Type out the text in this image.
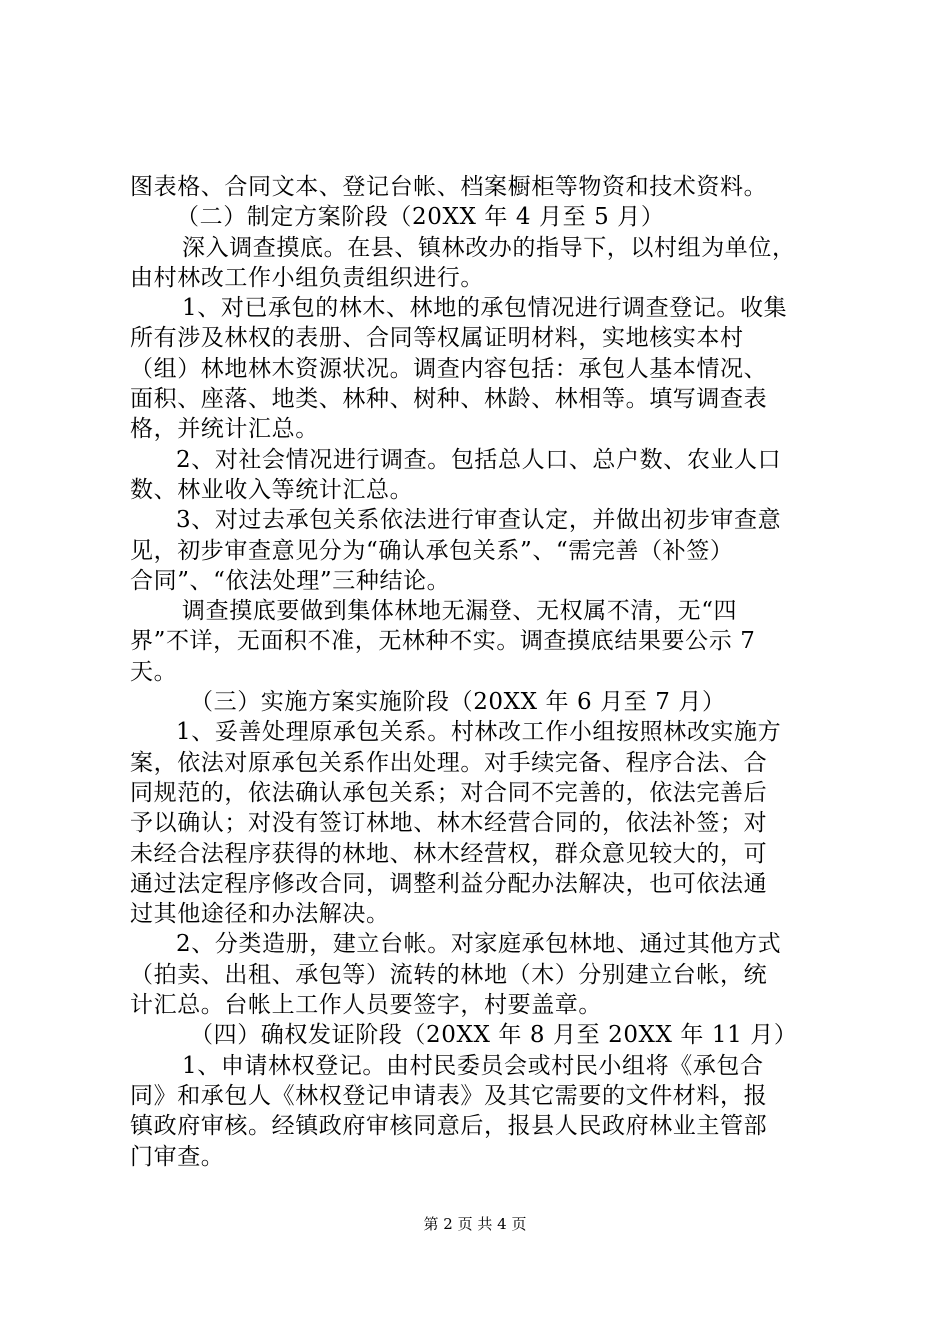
图表格、合同文本、登记台帐、档案橱柜等物资和技术资料。
（二）制定方案阶段（20XX 年 4 月至 5 月）
深入调查摸底。在县、镇林改办的指导下，以村组为单位，
由村林改工作小组负责组织进行。
1、对已承包的林木、林地的承包情况进行调查登记。收集
所有涉及林权的表册、合同等权属证明材料，实地核实本村
（组）林地林木资源状况。调查内容包括：承包人基本情况、
面积、座落、地类、林种、树种、林龄、林相等。填写调查表
格，并统计汇总。
2、对社会情况进行调查。包括总人口、总户数、农业人口
数、林业收入等统计汇总。
3、对过去承包关系依法进行审查认定，并做出初步审查意
见，初步审查意见分为“确认承包关系”、“需完善（补签）
合同”、“依法处理”三种结论。
调查摸底要做到集体林地无漏登、无权属不清，无“四
界”不详，无面积不准，无林种不实。调查摸底结果要公示 7
天。
（三）实施方案实施阶段（20XX 年 6 月至 7 月）
1、妥善处理原承包关系。村林改工作小组按照林改实施方
案，依法对原承包关系作出处理。对手续完备、程序合法、合
同规范的，依法确认承包关系；对合同不完善的，依法完善后
予以确认；对没有签订林地、林木经营合同的，依法补签；对
未经合法程序获得的林地、林木经营权，群众意见较大的，可
通过法定程序修改合同，调整利益分配办法解决，也可依法通
过其他途径和办法解决。
2、分类造册，建立台帐。对家庭承包林地、通过其他方式
（拍卖、出租、承包等）流转的林地（木）分别建立台帐，统
计汇总。台帐上工作人员要签字，村要盖章。
（四）确权发证阶段（20XX 年 8 月至 20XX 年 11 月）
1、申请林权登记。由村民委员会或村民小组将《承包合
同》和承包人《林权登记申请表》及其它需要的文件材料，报
镇政府审核。经镇政府审核同意后，报县人民政府林业主管部
门审查。
第 2 页 共 4 页
